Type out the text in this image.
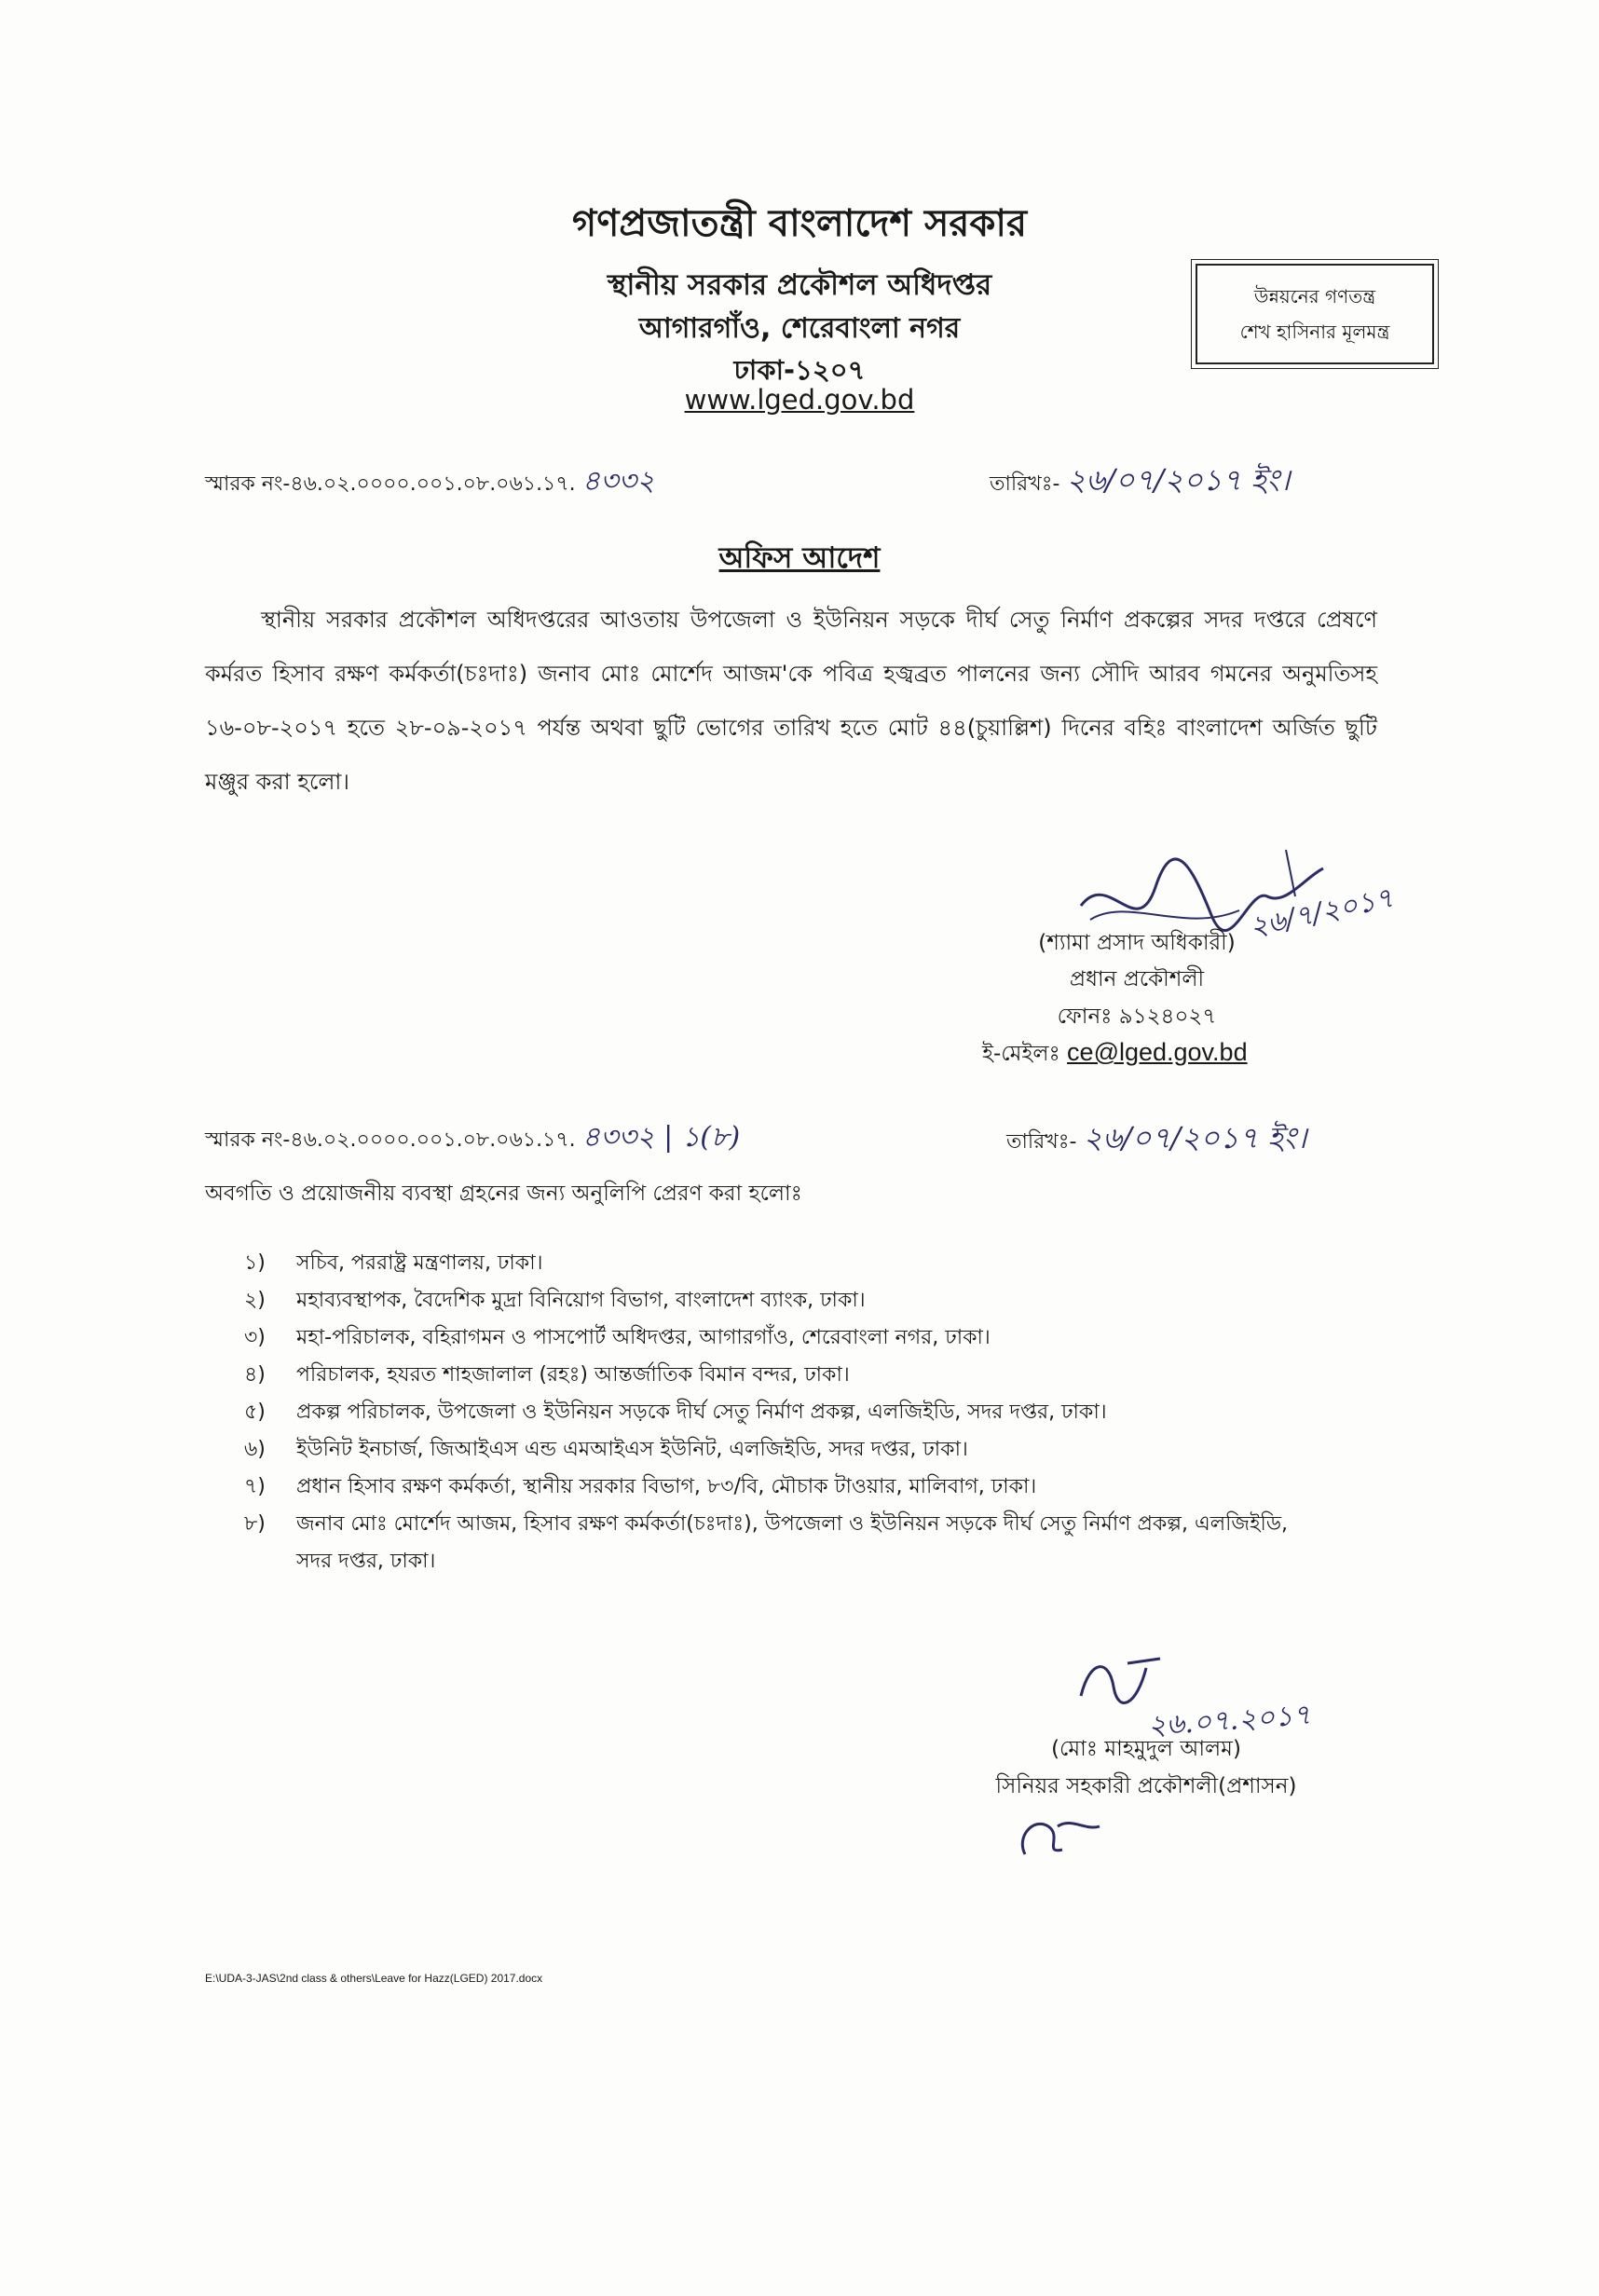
গণপ্রজাতন্ত্রী বাংলাদেশ সরকার
স্থানীয় সরকার প্রকৌশল অধিদপ্তর
আগারগাঁও, শেরেবাংলা নগর
ঢাকা-১২০৭
www.lged.gov.bd
উন্নয়নের গণতন্ত্র
শেখ হাসিনার মূলমন্ত্র
স্মারক নং-৪৬.০২.০০০০.০০১.০৮.০৬১.১৭. ৪৩৩২	তারিখঃ- ২৬/০৭/২০১৭ ইং।
অফিস আদেশ

স্থানীয় সরকার প্রকৌশল অধিদপ্তরের আওতায় উপজেলা ও ইউনিয়ন সড়কে দীর্ঘ সেতু নির্মাণ প্রকল্পের সদর দপ্তরে প্রেষণে কর্মরত হিসাব রক্ষণ কর্মকর্তা(চঃদাঃ) জনাব মোঃ মোর্শেদ আজম'কে পবিত্র হজ্বব্রত পালনের জন্য সৌদি আরব গমনের অনুমতিসহ ১৬-০৮-২০১৭ হতে ২৮-০৯-২০১৭ পর্যন্ত অথবা ছুটি ভোগের তারিখ হতে মোট ৪৪(চুয়াল্লিশ) দিনের বহিঃ বাংলাদেশ অর্জিত ছুটি মঞ্জুর করা হলো।

২৬/৭/২০১৭
(শ্যামা প্রসাদ অধিকারী)
প্রধান প্রকৌশলী
ফোনঃ ৯১২৪০২৭
ই-মেইলঃ ce@lged.gov.bd
স্মারক নং-৪৬.০২.০০০০.০০১.০৮.০৬১.১৭. ৪৩৩২ | ১(৮)	তারিখঃ- ২৬/০৭/২০১৭ ইং।
অবগতি ও প্রয়োজনীয় ব্যবস্থা গ্রহনের জন্য অনুলিপি প্রেরণ করা হলোঃ
১)	সচিব, পররাষ্ট্র মন্ত্রণালয়, ঢাকা।
২)	মহাব্যবস্থাপক, বৈদেশিক মুদ্রা বিনিয়োগ বিভাগ, বাংলাদেশ ব্যাংক, ঢাকা।
৩)	মহা-পরিচালক, বহিরাগমন ও পাসপোর্ট অধিদপ্তর, আগারগাঁও, শেরেবাংলা নগর, ঢাকা।
৪)	পরিচালক, হযরত শাহজালাল (রহঃ) আন্তর্জাতিক বিমান বন্দর, ঢাকা।
৫)	প্রকল্প পরিচালক, উপজেলা ও ইউনিয়ন সড়কে দীর্ঘ সেতু নির্মাণ প্রকল্প, এলজিইডি, সদর দপ্তর, ঢাকা।
৬)	ইউনিট ইনচার্জ, জিআইএস এন্ড এমআইএস ইউনিট, এলজিইডি, সদর দপ্তর, ঢাকা।
৭)	প্রধান হিসাব রক্ষণ কর্মকর্তা, স্থানীয় সরকার বিভাগ, ৮৩/বি, মৌচাক টাওয়ার, মালিবাগ, ঢাকা।
৮)	জনাব মোঃ মোর্শেদ আজম, হিসাব রক্ষণ কর্মকর্তা(চঃদাঃ), উপজেলা ও ইউনিয়ন সড়কে দীর্ঘ সেতু নির্মাণ প্রকল্প, এলজিইডি, সদর দপ্তর, ঢাকা।
২৬.০৭.২০১৭
(মোঃ মাহমুদুল আলম)
সিনিয়র সহকারী প্রকৌশলী(প্রশাসন)
E:\UDA-3-JAS\2nd class & others\Leave for Hazz(LGED) 2017.docx
